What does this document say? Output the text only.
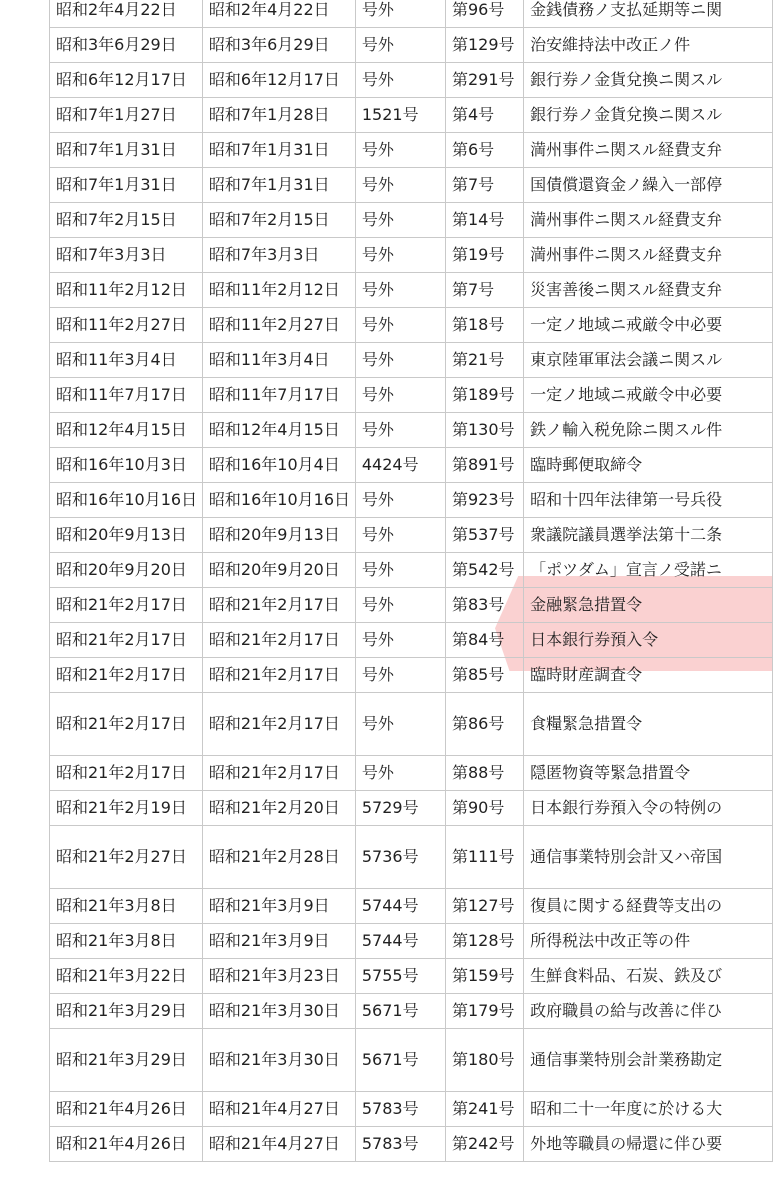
昭和2年4月22日	昭和2年4月22日	号外	第96号	金銭債務ノ支払延期等ニ関
昭和3年6月29日	昭和3年6月29日	号外	第129号	治安維持法中改正ノ件
昭和6年12月17日	昭和6年12月17日	号外	第291号	銀行券ノ金貨兌換ニ関スル
昭和7年1月27日	昭和7年1月28日	1521号	第4号	銀行券ノ金貨兌換ニ関スル
昭和7年1月31日	昭和7年1月31日	号外	第6号	満州事件ニ関スル経費支弁
昭和7年1月31日	昭和7年1月31日	号外	第7号	国債償還資金ノ繰入一部停
昭和7年2月15日	昭和7年2月15日	号外	第14号	満州事件ニ関スル経費支弁
昭和7年3月3日	昭和7年3月3日	号外	第19号	満州事件ニ関スル経費支弁
昭和11年2月12日	昭和11年2月12日	号外	第7号	災害善後ニ関スル経費支弁
昭和11年2月27日	昭和11年2月27日	号外	第18号	一定ノ地域ニ戒厳令中必要
昭和11年3月4日	昭和11年3月4日	号外	第21号	東京陸軍軍法会議ニ関スル
昭和11年7月17日	昭和11年7月17日	号外	第189号	一定ノ地域ニ戒厳令中必要
昭和12年4月15日	昭和12年4月15日	号外	第130号	鉄ノ輸入税免除ニ関スル件
昭和16年10月3日	昭和16年10月4日	4424号	第891号	臨時郵便取締令
昭和16年10月16日	昭和16年10月16日	号外	第923号	昭和十四年法律第一号兵役
昭和20年9月13日	昭和20年9月13日	号外	第537号	衆議院議員選挙法第十二条
昭和20年9月20日	昭和20年9月20日	号外	第542号	「ポツダム」宣言ノ受諾ニ
昭和21年2月17日	昭和21年2月17日	号外	第83号	金融緊急措置令
昭和21年2月17日	昭和21年2月17日	号外	第84号	日本銀行券預入令
昭和21年2月17日	昭和21年2月17日	号外	第85号	臨時財産調査令
昭和21年2月17日	昭和21年2月17日	号外	第86号	食糧緊急措置令
昭和21年2月17日	昭和21年2月17日	号外	第88号	隠匿物資等緊急措置令
昭和21年2月19日	昭和21年2月20日	5729号	第90号	日本銀行券預入令の特例の
昭和21年2月27日	昭和21年2月28日	5736号	第111号	通信事業特別会計又ハ帝国
昭和21年3月8日	昭和21年3月9日	5744号	第127号	復員に関する経費等支出の
昭和21年3月8日	昭和21年3月9日	5744号	第128号	所得税法中改正等の件
昭和21年3月22日	昭和21年3月23日	5755号	第159号	生鮮食料品、石炭、鉄及び
昭和21年3月29日	昭和21年3月30日	5671号	第179号	政府職員の給与改善に伴ひ
昭和21年3月29日	昭和21年3月30日	5671号	第180号	通信事業特別会計業務勘定
昭和21年4月26日	昭和21年4月27日	5783号	第241号	昭和二十一年度に於ける大
昭和21年4月26日	昭和21年4月27日	5783号	第242号	外地等職員の帰還に伴ひ要
